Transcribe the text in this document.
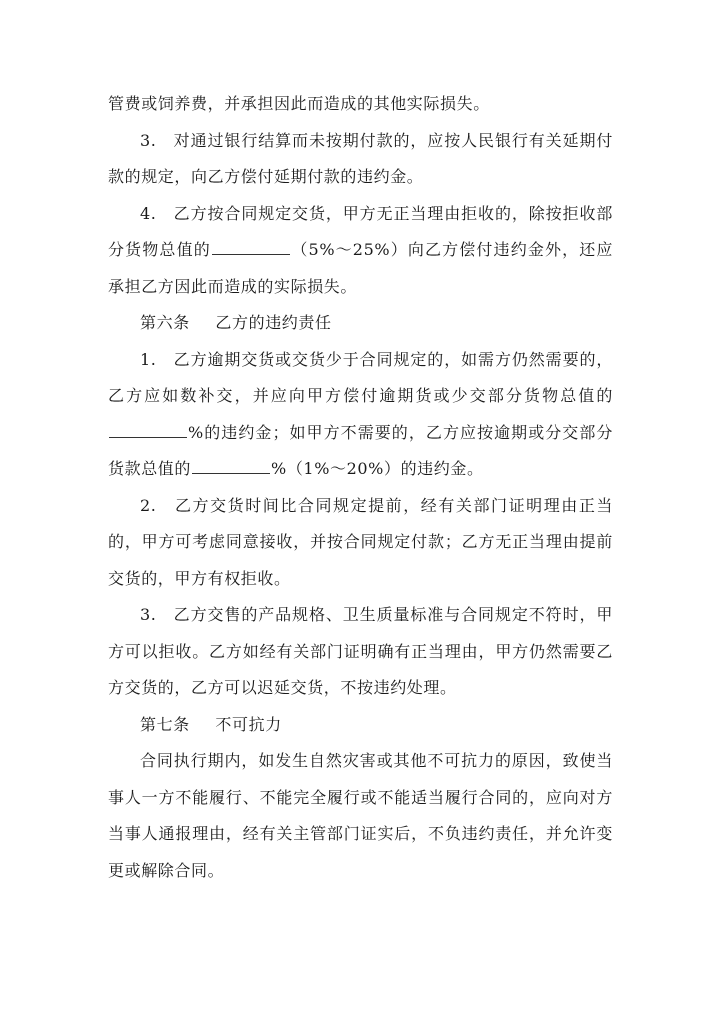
管费或饲养费，并承担因此而造成的其他实际损失。

3.　对通过银行结算而未按期付款的，应按人民银行有关延期付款的规定，向乙方偿付延期付款的违约金。

4.　乙方按合同规定交货，甲方无正当理由拒收的，除按拒收部分货物总值的	（5%～25%）向乙方偿付违约金外，还应承担乙方因此而造成的实际损失。

第六条 乙方的违约责任

1.　乙方逾期交货或交货少于合同规定的，如需方仍然需要的，乙方应如数补交，并应向甲方偿付逾期货或少交部分货物总值的%的违约金；如甲方不需要的，乙方应按逾期或分交部分货款总值的	%（1%～20%）的违约金。

2.　乙方交货时间比合同规定提前，经有关部门证明理由正当的，甲方可考虑同意接收，并按合同规定付款；乙方无正当理由提前交货的，甲方有权拒收。

3.　乙方交售的产品规格、卫生质量标准与合同规定不符时，甲方可以拒收。乙方如经有关部门证明确有正当理由，甲方仍然需要乙方交货的，乙方可以迟延交货，不按违约处理。

第七条 不可抗力

合同执行期内，如发生自然灾害或其他不可抗力的原因，致使当事人一方不能履行、不能完全履行或不能适当履行合同的，应向对方当事人通报理由，经有关主管部门证实后，不负违约责任，并允许变更或解除合同。
